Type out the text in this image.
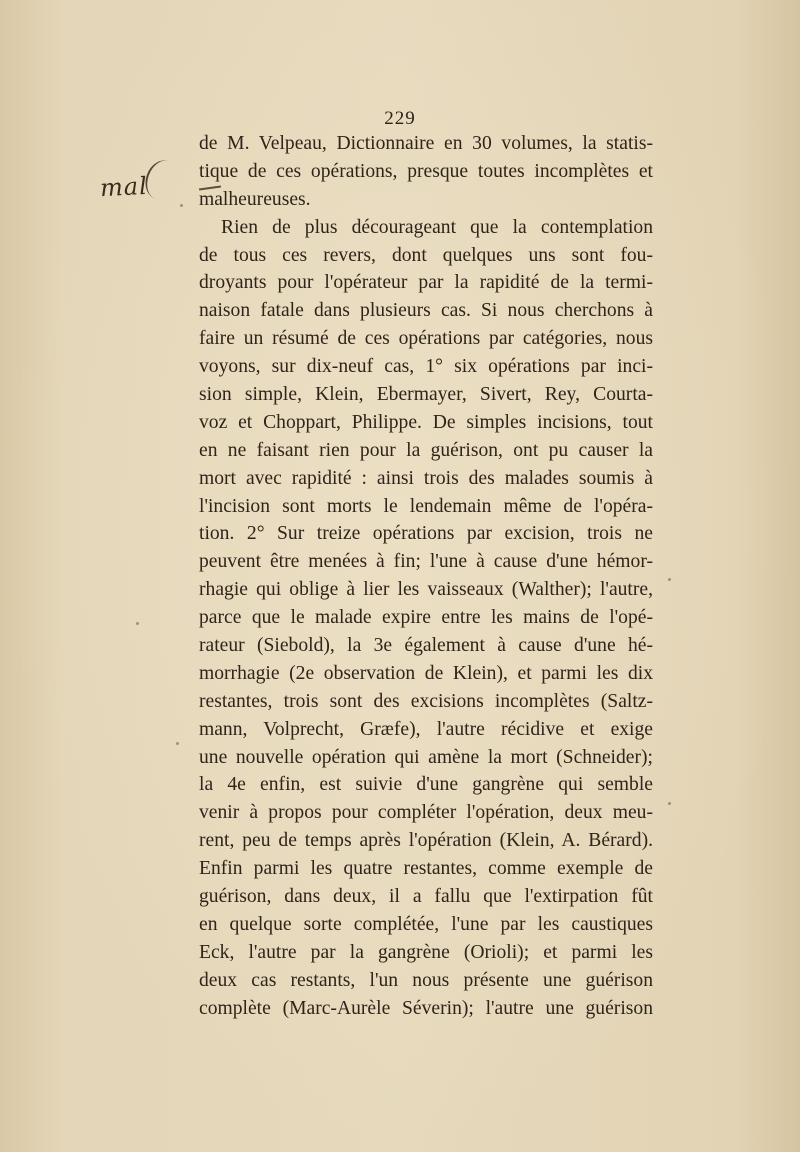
229
mal
de M. Velpeau, Dictionnaire en 30 volumes, la statis-
tique de ces opérations, presque toutes incomplètes et
malheureuses.
Rien de plus décourageant que la contemplation
de tous ces revers, dont quelques uns sont fou-
droyants pour l'opérateur par la rapidité de la termi-
naison fatale dans plusieurs cas. Si nous cherchons à
faire un résumé de ces opérations par catégories, nous
voyons, sur dix-neuf cas, 1° six opérations par inci-
sion simple, Klein, Ebermayer, Sivert, Rey, Courta-
voz et Choppart, Philippe. De simples incisions, tout
en ne faisant rien pour la guérison, ont pu causer la
mort avec rapidité : ainsi trois des malades soumis à
l'incision sont morts le lendemain même de l'opéra-
tion. 2° Sur treize opérations par excision, trois ne
peuvent être menées à fin; l'une à cause d'une hémor-
rhagie qui oblige à lier les vaisseaux (Walther); l'autre,
parce que le malade expire entre les mains de l'opé-
rateur (Siebold), la 3e également à cause d'une hé-
morrhagie (2e observation de Klein), et parmi les dix
restantes, trois sont des excisions incomplètes (Saltz-
mann, Volprecht, Græfe), l'autre récidive et exige
une nouvelle opération qui amène la mort (Schneider);
la 4e enfin, est suivie d'une gangrène qui semble
venir à propos pour compléter l'opération, deux meu-
rent, peu de temps après l'opération (Klein, A. Bérard).
Enfin parmi les quatre restantes, comme exemple de
guérison, dans deux, il a fallu que l'extirpation fût
en quelque sorte complétée, l'une par les caustiques
Eck, l'autre par la gangrène (Orioli); et parmi les
deux cas restants, l'un nous présente une guérison
complète (Marc-Aurèle Séverin); l'autre une guérison
